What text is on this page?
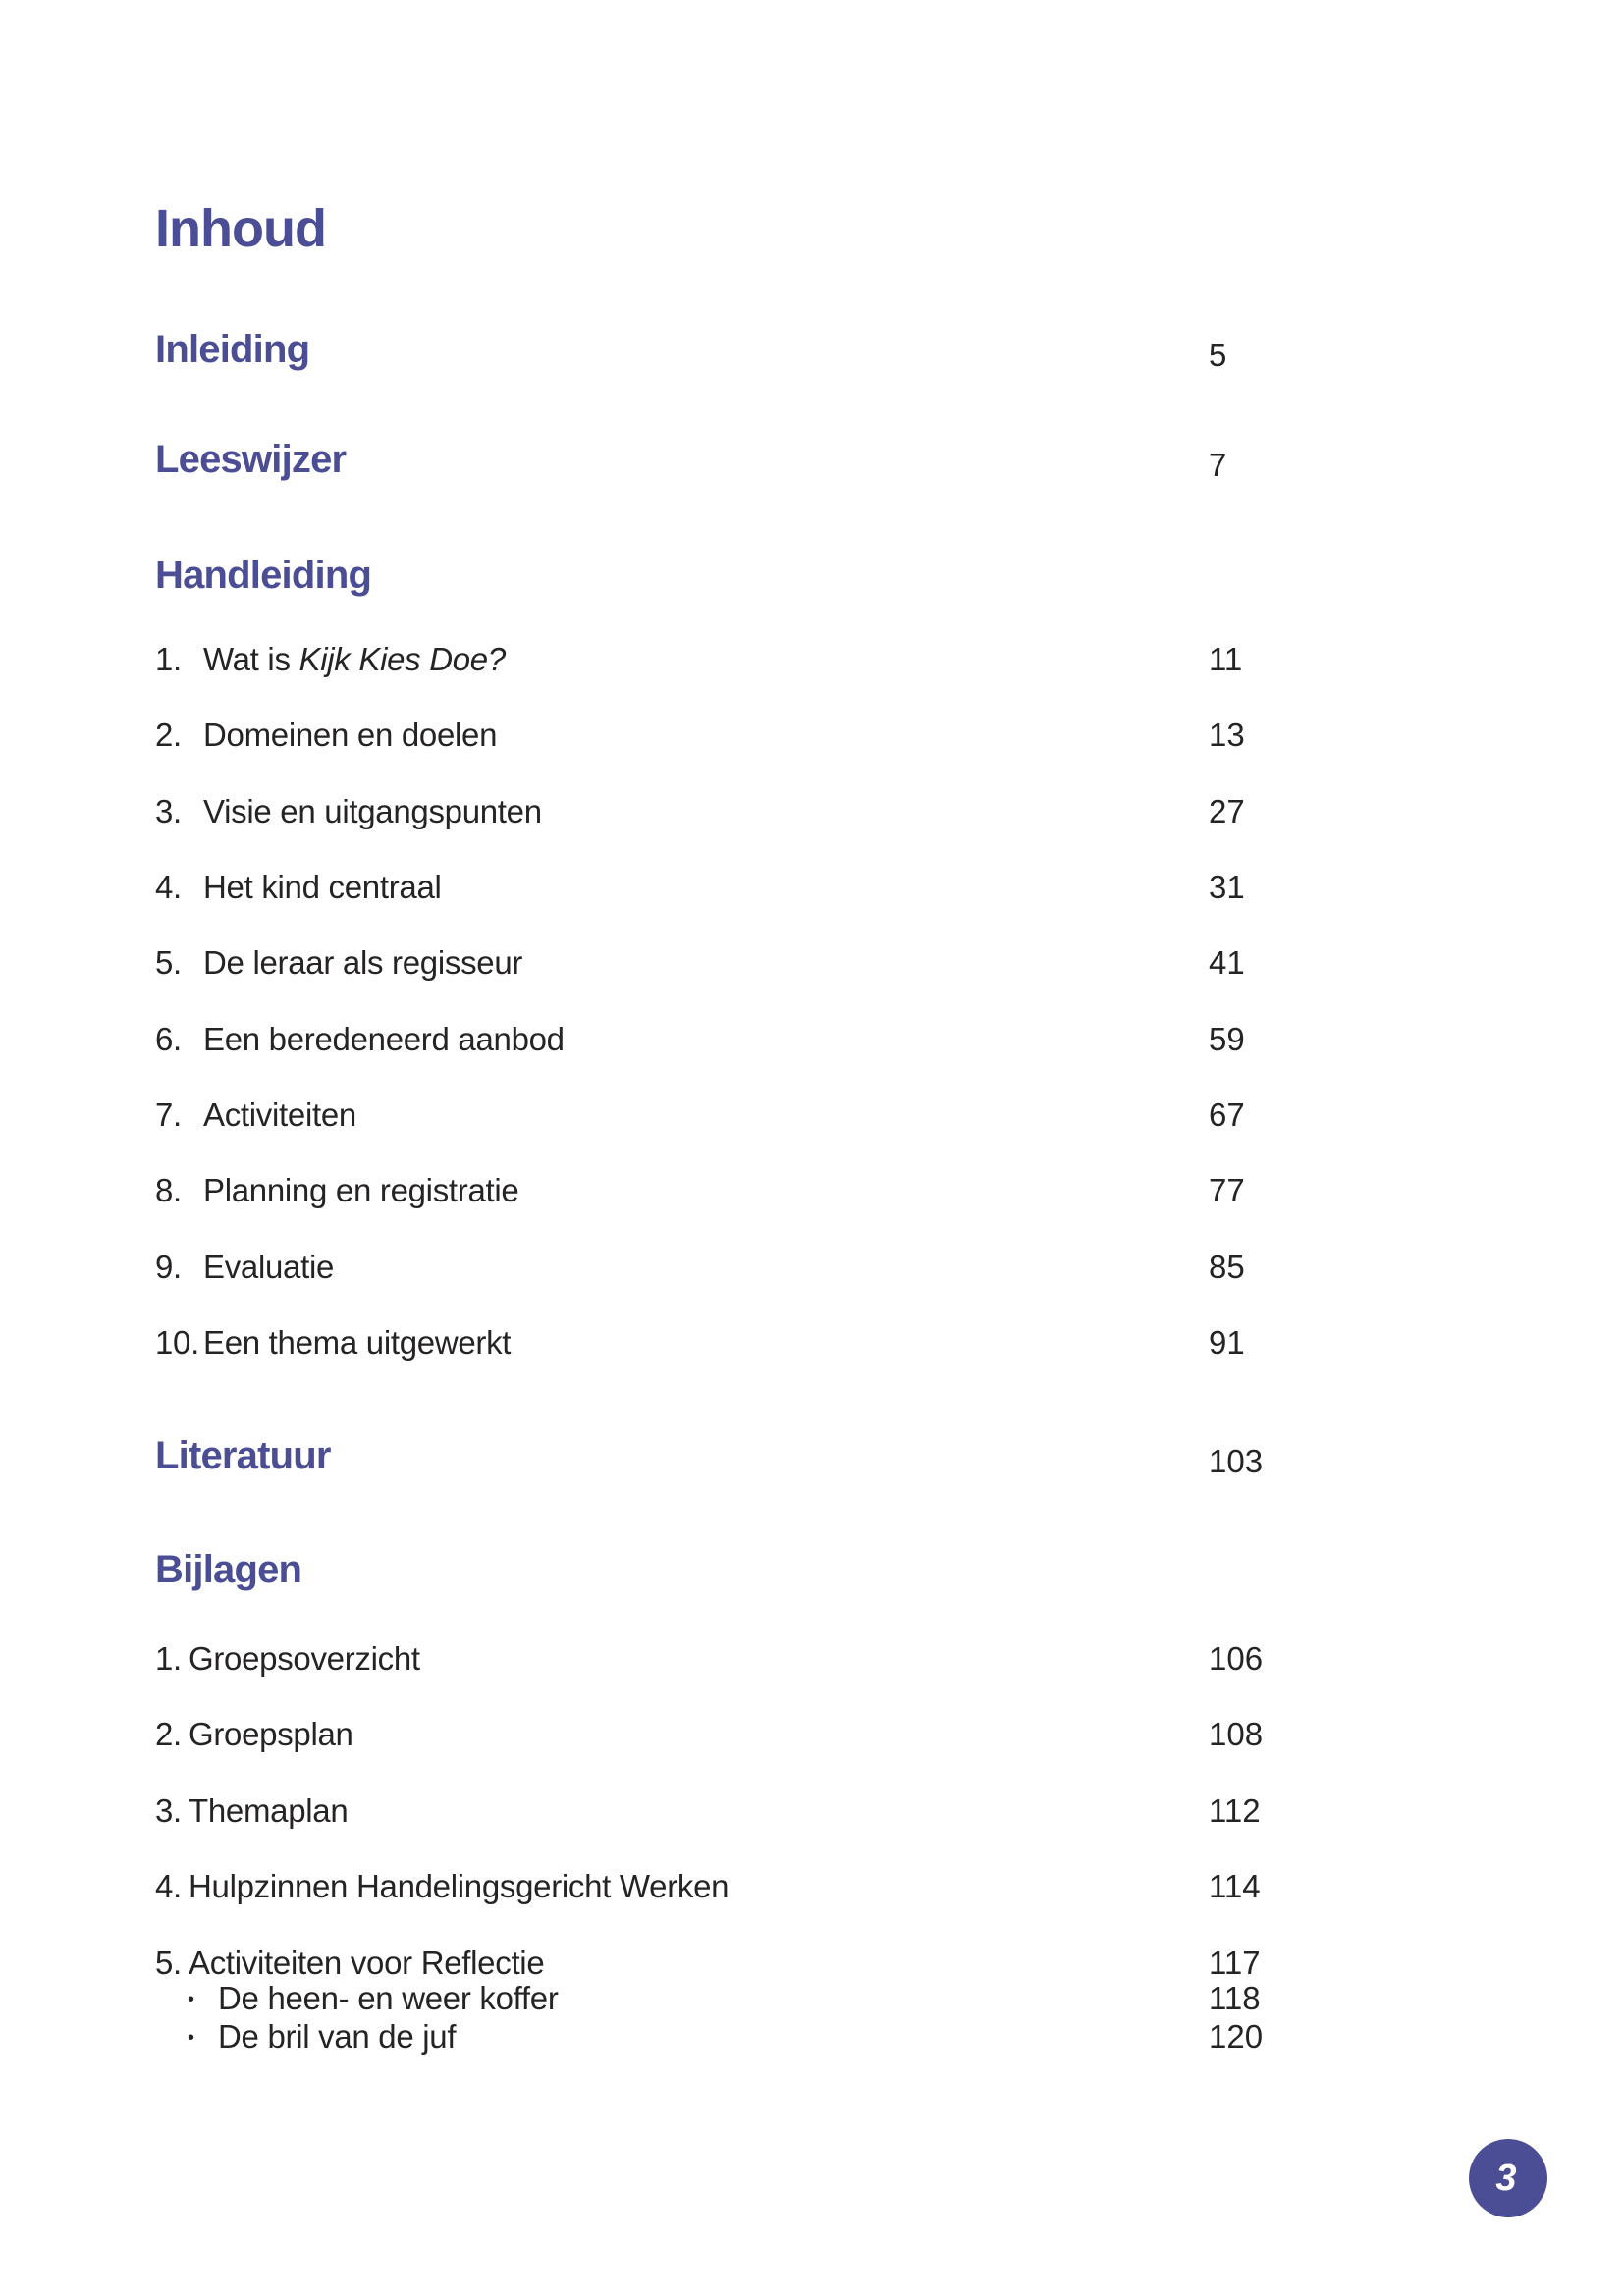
Inhoud
Inleiding	5
Leeswijzer	7
Handleiding
1. Wat is Kijk Kies Doe?	11
2. Domeinen en doelen	13
3. Visie en uitgangspunten	27
4. Het kind centraal	31
5. De leraar als regisseur	41
6. Een beredeneerd aanbod	59
7. Activiteiten	67
8. Planning en registratie	77
9. Evaluatie	85
10. Een thema uitgewerkt	91
Literatuur	103
Bijlagen
1. Groepsoverzicht	106
2. Groepsplan	108
3. Themaplan	112
4. Hulpzinnen Handelingsgericht Werken	114
5. Activiteiten voor Reflectie	117
• De heen- en weer koffer	118
• De bril van de juf	120
3
